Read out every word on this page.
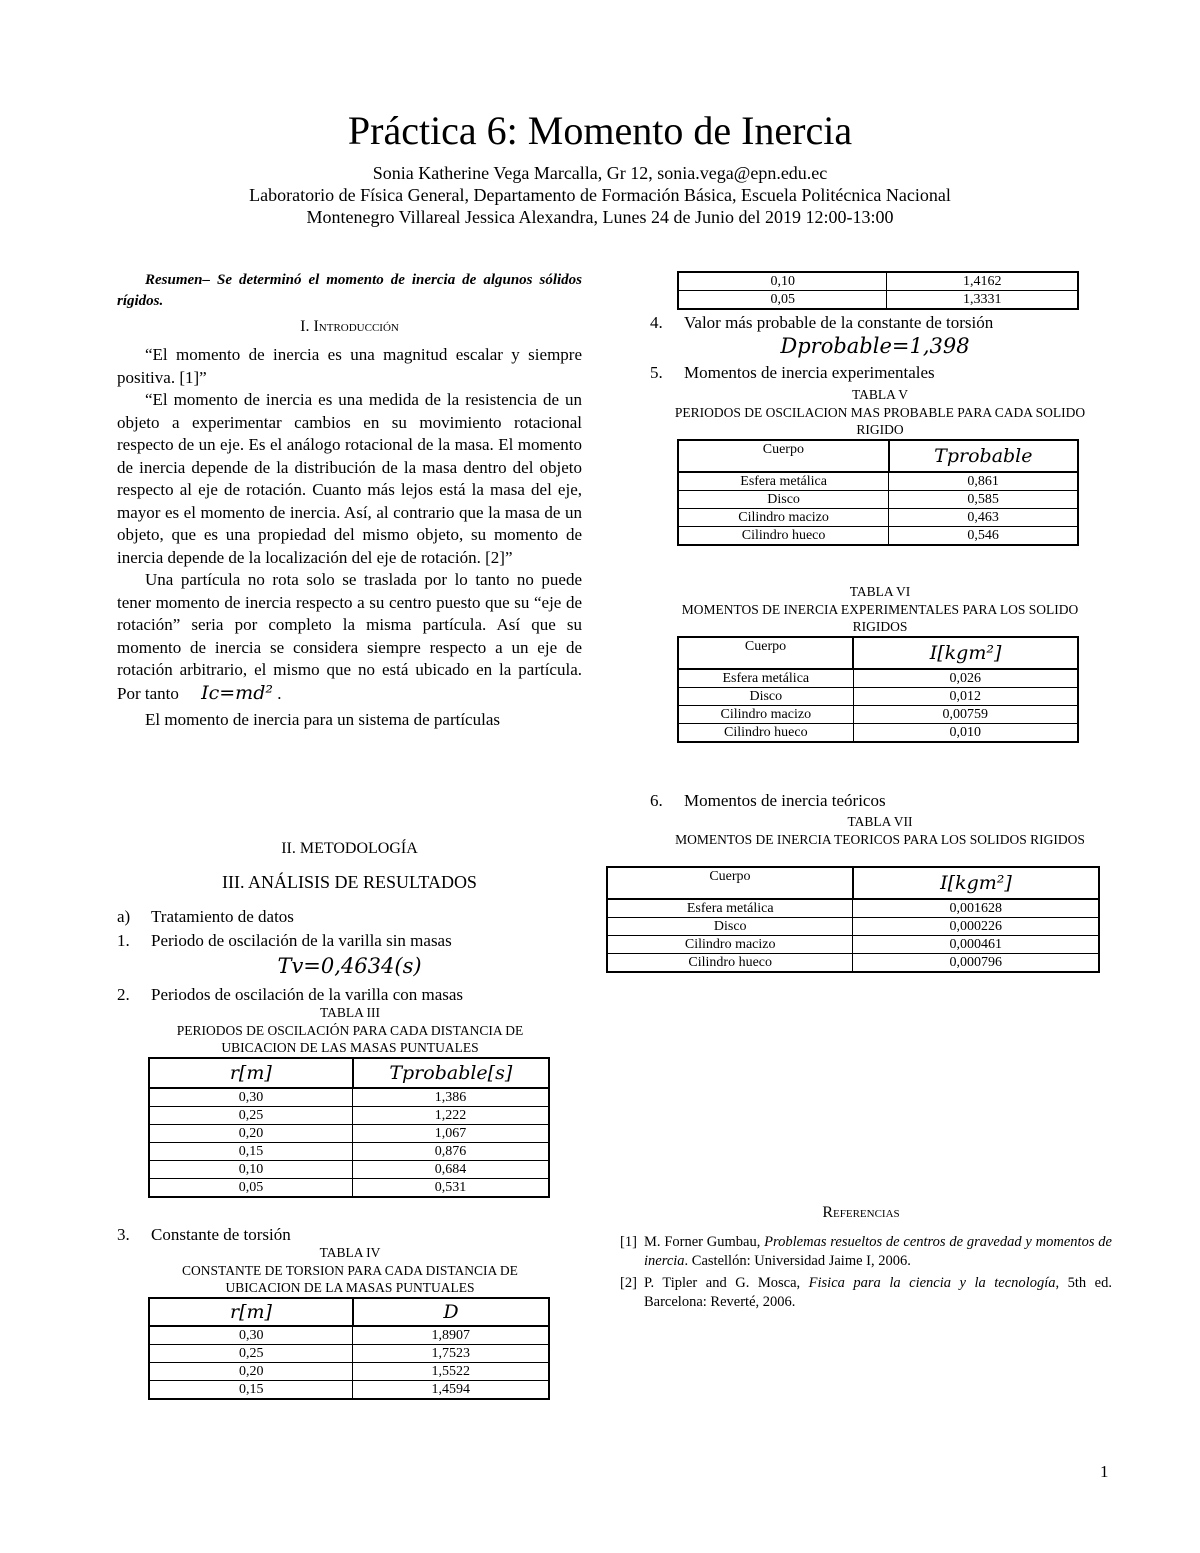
Práctica 6: Momento de Inercia
Sonia Katherine Vega Marcalla, Gr 12, sonia.vega@epn.edu.ec
Laboratorio de Física General, Departamento de Formación Básica, Escuela Politécnica Nacional
Montenegro Villareal Jessica Alexandra, Lunes 24 de Junio del 2019 12:00-13:00

Resumen– Se determinó el momento de inercia de algunos sólidos rígidos.

I. Introducción

“El momento de inercia es una magnitud escalar y siempre positiva. [1]”

“El momento de inercia es una medida de la resistencia de un objeto a experimentar cambios en su movimiento rotacional respecto de un eje. Es el análogo rotacional de la masa. El momento de inercia depende de la distribución de la masa dentro del objeto respecto al eje de rotación. Cuanto más lejos está la masa del eje, mayor es el momento de inercia. Así, al contrario que la masa de un objeto, que es una propiedad del mismo objeto, su momento de inercia depende de la localización del eje de rotación. [2]”

Una partícula no rota solo se traslada por lo tanto no puede tener momento de inercia respecto a su centro puesto que su “eje de rotación” seria por completo la misma partícula. Así que su momento de inercia se considera siempre respecto a un eje de rotación arbitrario, el mismo que no está ubicado en la partícula. Por tanto Ic=md² .

El momento de inercia para un sistema de partículas

II. METODOLOGÍA
III. ANÁLISIS DE RESULTADOS
a) Tratamiento de datos
1. Periodo de oscilación de la varilla sin masas
Tv=0,4634(s)
2. Periodos de oscilación de la varilla con masas
TABLA III
PERIODOS DE OSCILACIÓN PARA CADA DISTANCIA DE UBICACION DE LAS MASAS PUNTUALES
r[m]	Tprobable[s]
0,30	1,386
0,25	1,222
0,20	1,067
0,15	0,876
0,10	0,684
0,05	0,531
3. Constante de torsión
TABLA IV
CONSTANTE DE TORSION PARA CADA DISTANCIA DE UBICACION DE LA MASAS PUNTUALES
r[m]	D
0,30	1,8907
0,25	1,7523
0,20	1,5522
0,15	1,4594
0,10	1,4162
0,05	1,3331
4. Valor más probable de la constante de torsión
Dprobable=1,398
5. Momentos de inercia experimentales
TABLA V
PERIODOS DE OSCILACION MAS PROBABLE PARA CADA SOLIDO RIGIDO
Cuerpo	Tprobable
Esfera metálica	0,861
Disco	0,585
Cilindro macizo	0,463
Cilindro hueco	0,546
TABLA VI
MOMENTOS DE INERCIA EXPERIMENTALES PARA LOS SOLIDO RIGIDOS
Cuerpo	I[kgm²]
Esfera metálica	0,026
Disco	0,012
Cilindro macizo	0,00759
Cilindro hueco	0,010
6. Momentos de inercia teóricos
TABLA VII
MOMENTOS DE INERCIA TEORICOS PARA LOS SOLIDOS RIGIDOS
Cuerpo	I[kgm²]
Esfera metálica	0,001628
Disco	0,000226
Cilindro macizo	0,000461
Cilindro hueco	0,000796
Referencias
[1] M. Forner Gumbau, Problemas resueltos de centros de gravedad y momentos de inercia. Castellón: Universidad Jaime I, 2006.
[2] P. Tipler and G. Mosca, Fisica para la ciencia y la tecnología, 5th ed. Barcelona: Reverté, 2006.
1
